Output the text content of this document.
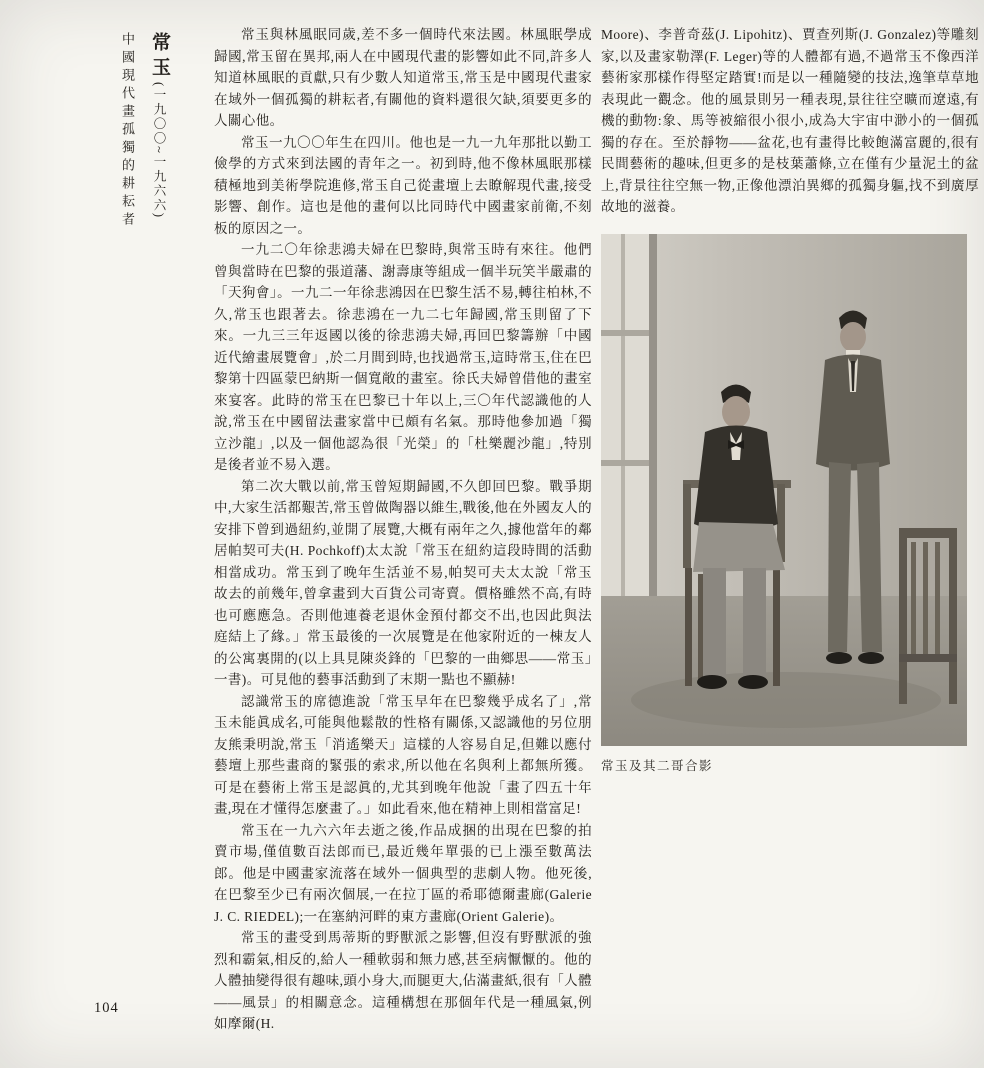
常玉(一九〇〇~一九六六)
中國現代畫孤獨的耕耘者	常玉與林風眠同歲,差不多一個時代來法國。林風眠學成歸國,常玉留在異邦,兩人在中國現代畫的影響如此不同,許多人知道林風眠的貢獻,只有少數人知道常玉,常玉是中國現代畫家在域外一個孤獨的耕耘者,有關他的資料還很欠缺,須要更多的人關心他。

常玉一九〇〇年生在四川。他也是一九一九年那批以勤工儉學的方式來到法國的青年之一。初到時,他不像林風眠那樣積極地到美術學院進修,常玉自己從畫壇上去瞭解現代畫,接受影響、創作。這也是他的畫何以比同時代中國畫家前衛,不刻板的原因之一。

一九二〇年徐悲鴻夫婦在巴黎時,與常玉時有來往。他們曾與當時在巴黎的張道藩、謝壽康等組成一個半玩笑半嚴肅的「天狗會」。一九二一年徐悲鴻因在巴黎生活不易,轉往柏林,不久,常玉也跟著去。徐悲鴻在一九二七年歸國,常玉則留了下來。一九三三年返國以後的徐悲鴻夫婦,再回巴黎籌辦「中國近代繪畫展覽會」,於二月間到時,也找過常玉,這時常玉,住在巴黎第十四區蒙巴納斯一個寬敞的畫室。徐氏夫婦曾借他的畫室來宴客。此時的常玉在巴黎已十年以上,三〇年代認識他的人說,常玉在中國留法畫家當中已頗有名氣。那時他參加過「獨立沙龍」,以及一個他認為很「光榮」的「杜樂麗沙龍」,特別是後者並不易入選。

第二次大戰以前,常玉曾短期歸國,不久卽回巴黎。戰爭期中,大家生活都艱苦,常玉曾做陶器以維生,戰後,他在外國友人的安排下曾到過紐約,並開了展覽,大概有兩年之久,據他當年的鄰居帕契可夫(H. Pochkoff)太太說「常玉在紐約這段時間的活動相當成功。常玉到了晚年生活並不易,帕契可夫太太說「常玉故去的前幾年,曾拿畫到大百貨公司寄賣。價格雖然不高,有時也可應應急。否則他連養老退休金預付都交不出,也因此與法庭結上了緣。」常玉最後的一次展覽是在他家附近的一棟友人的公寓裏開的(以上具見陳炎鋒的「巴黎的一曲鄉思——常玉」一書)。可見他的藝事活動到了末期一點也不顯赫!

認識常玉的席德進說「常玉早年在巴黎幾乎成名了」,常玉未能眞成名,可能與他鬆散的性格有關係,又認識他的另位朋友熊秉明說,常玉「消遙樂天」這樣的人容易自足,但難以應付藝壇上那些畫商的緊張的索求,所以他在名與利上都無所獲。可是在藝術上常玉是認眞的,尤其到晚年他說「畫了四五十年畫,現在才懂得怎麼畫了。」如此看來,他在精神上則相當富足!

常玉在一九六六年去逝之後,作品成捆的出現在巴黎的拍賣市場,僅值數百法郎而已,最近幾年單張的已上漲至數萬法郎。他是中國畫家流落在域外一個典型的悲劇人物。他死後,在巴黎至少已有兩次個展,一在拉丁區的希耶德爾畫廊(Galerie J. C. RIEDEL);一在塞納河畔的東方畫廊(Orient Galerie)。

常玉的畫受到馬蒂斯的野獸派之影響,但沒有野獸派的強烈和霸氣,相反的,給人一種軟弱和無力感,甚至病懨懨的。他的人體抽變得很有趣味,頭小身大,而腿更大,佔滿畫紙,很有「人體——風景」的相關意念。這種構想在那個年代是一種風氣,例如摩爾(H.

Moore)、李普奇茲(J. Lipohitz)、賈查列斯(J. Gonzalez)等雕刻家,以及畫家勒澤(F. Leger)等的人體都有過,不過常玉不像西洋藝術家那樣作得堅定踏實!而是以一種隨變的技法,逸筆草草地表現此一觀念。他的風景則另一種表現,景往往空曠而遼遠,有機的動物:象、馬等被縮很小很小,成為大宇宙中渺小的一個孤獨的存在。至於靜物——盆花,也有畫得比較飽滿富麗的,很有民間藝術的趣味,但更多的是枝葉蕭條,立在僅有少量泥土的盆上,背景往往空無一物,正像他漂泊異鄉的孤獨身軀,找不到廣厚故地的滋養。

常玉及其二哥合影
104
